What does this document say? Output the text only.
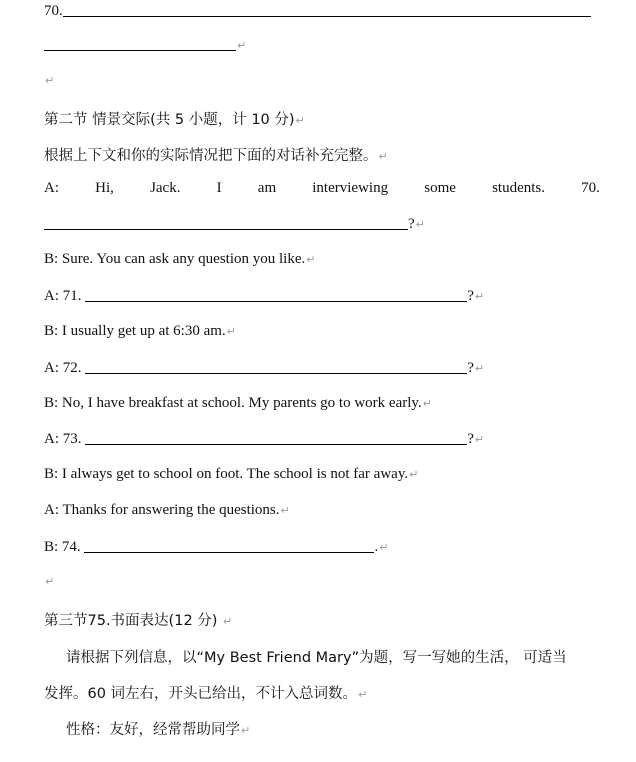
70.
↵
↵
第二节 情景交际(共 5 小题，计 10 分)↵
根据上下文和你的实际情况把下面的对话补充完整。↵
A: Hi, Jack. I am interviewing some students. 70.
?↵
B: Sure. You can ask any question you like.↵
A: 71.	?↵
B: I usually get up at 6:30 am.↵
A: 72.	?↵
B: No, I have breakfast at school. My parents go to work early.↵
A: 73.	?↵
B: I always get to school on foot. The school is not far away.↵
A: Thanks for answering the questions.↵
B: 74.	.↵
↵
第三节75.书面表达(12 分) ↵
请根据下列信息，以“My Best Friend Mary”为题，写一写她的生活， 可适当
发挥。60 词左右，开头已给出，不计入总词数。↵
性格：友好，经常帮助同学↵
